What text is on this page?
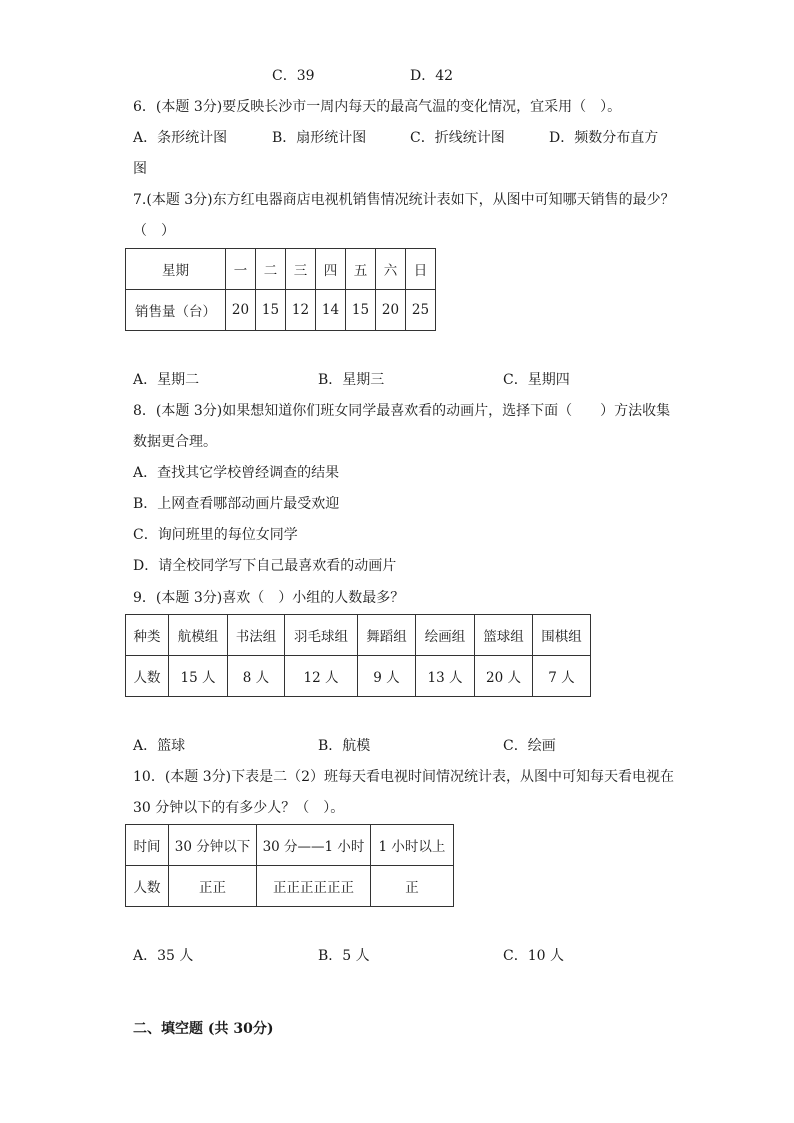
C．39	D．42
6．(本题 3分)要反映长沙市一周内每天的最高气温的变化情况，宜采用（　）。
A．条形统计图	B．扇形统计图	C．折线统计图	D．频数分布直方
图
7.(本题 3分)东方红电器商店电视机销售情况统计表如下，从图中可知哪天销售的最少？
（　）
星期	一	二	三	四	五	六	日
销售量（台）	20	15	12	14	15	20	25
A．星期二	B．星期三	C．星期四
8．(本题 3分)如果想知道你们班女同学最喜欢看的动画片，选择下面（　　）方法收集
数据更合理。
A．查找其它学校曾经调查的结果
B．上网查看哪部动画片最受欢迎
C．询问班里的每位女同学
D．请全校同学写下自己最喜欢看的动画片
9．(本题 3分)喜欢（　）小组的人数最多？
种类	航模组	书法组	羽毛球组	舞蹈组	绘画组	篮球组	围棋组
人数	15 人	8 人	12 人	9 人	13 人	20 人	7 人
A．篮球	B．航模	C．绘画
10．(本题 3分)下表是二（2）班每天看电视时间情况统计表，从图中可知每天看电视在
30 分钟以下的有多少人？（　）。
时间	30 分钟以下	30 分——1 小时	1 小时以上
人数	正正	正正正正正正	正
A．35 人	B．5 人	C．10 人
二、填空题 (共 30分)
